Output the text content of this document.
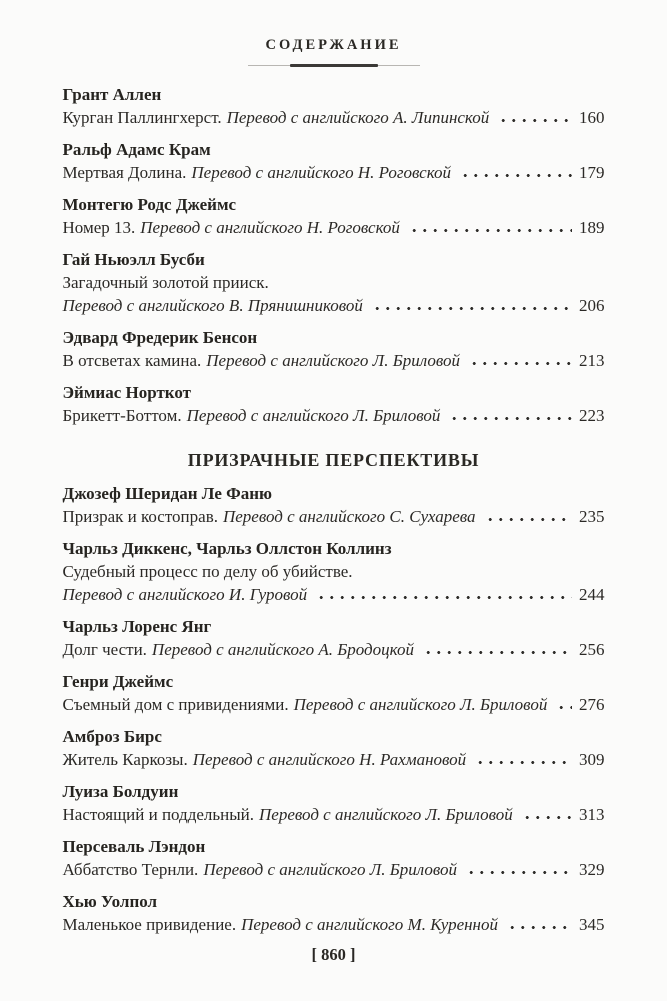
СОДЕРЖАНИЕ
Грант Аллен
Курган Паллингхерст. Перевод с английского А. Липинской	160
Ральф Адамс Крам
Мертвая Долина. Перевод с английского Н. Роговской	179
Монтегю Родс Джеймс
Номер 13. Перевод с английского Н. Роговской	189
Гай Ньюэлл Бусби
Загадочный золотой прииск.
Перевод с английского В. Прянишниковой	206
Эдвард Фредерик Бенсон
В отсветах камина. Перевод с английского Л. Бриловой	213
Эймиас Норткот
Брикетт-Боттом. Перевод с английского Л. Бриловой	223
ПРИЗРАЧНЫЕ ПЕРСПЕКТИВЫ
Джозеф Шеридан Ле Фаню
Призрак и костоправ. Перевод с английского С. Сухарева	235
Чарльз Диккенс, Чарльз Оллстон Коллинз
Судебный процесс по делу об убийстве.
Перевод с английского И. Гуровой	244
Чарльз Лоренс Янг
Долг чести. Перевод с английского А. Бродоцкой	256
Генри Джеймс
Съемный дом с привидениями. Перевод с английского Л. Бриловой 276
Амброз Бирс
Житель Каркозы. Перевод с английского Н. Рахмановой	309
Луиза Болдуин
Настоящий и поддельный. Перевод с английского Л. Бриловой	313
Персеваль Лэндон
Аббатство Тернли. Перевод с английского Л. Бриловой	329
Хью Уолпол
Маленькое привидение. Перевод с английского М. Куренной	345
[ 860 ]
